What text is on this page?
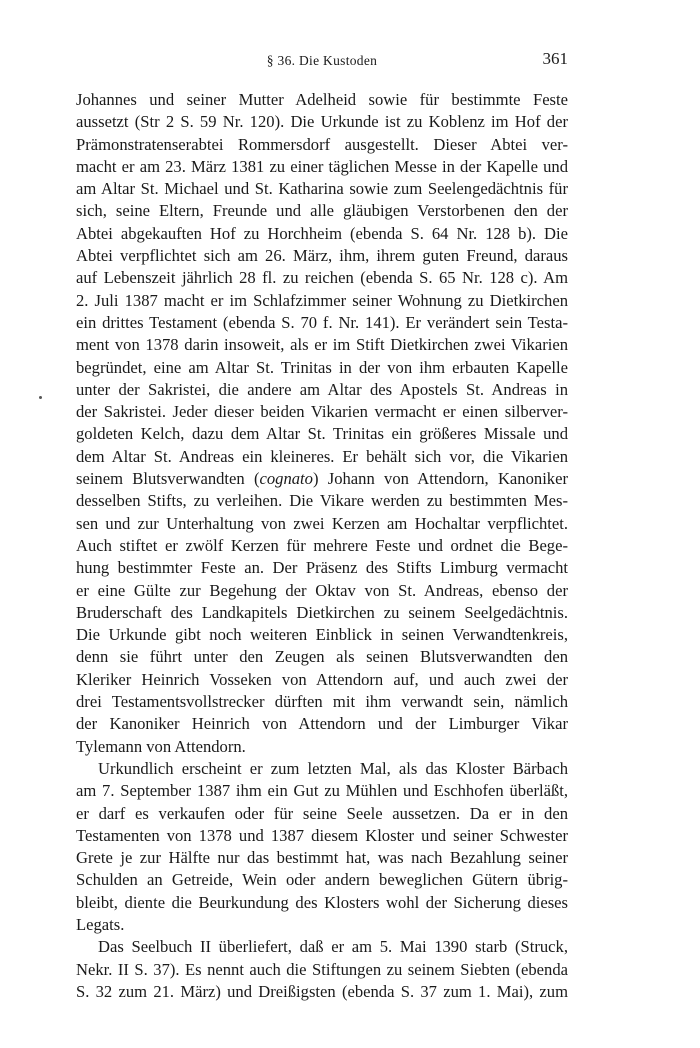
§ 36. Die Kustoden	361
Johannes und seiner Mutter Adelheid sowie für bestimmte Feste
aussetzt (Str 2 S. 59 Nr. 120). Die Urkunde ist zu Koblenz im Hof der
Prämonstratenserabtei Rommersdorf ausgestellt. Dieser Abtei ver-
macht er am 23. März 1381 zu einer täglichen Messe in der Kapelle und
am Altar St. Michael und St. Katharina sowie zum Seelengedächtnis für
sich, seine Eltern, Freunde und alle gläubigen Verstorbenen den der
Abtei abgekauften Hof zu Horchheim (ebenda S. 64 Nr. 128 b). Die
Abtei verpflichtet sich am 26. März, ihm, ihrem guten Freund, daraus
auf Lebenszeit jährlich 28 fl. zu reichen (ebenda S. 65 Nr. 128 c). Am
2. Juli 1387 macht er im Schlafzimmer seiner Wohnung zu Dietkirchen
ein drittes Testament (ebenda S. 70 f. Nr. 141). Er verändert sein Testa-
ment von 1378 darin insoweit, als er im Stift Dietkirchen zwei Vikarien
begründet, eine am Altar St. Trinitas in der von ihm erbauten Kapelle
unter der Sakristei, die andere am Altar des Apostels St. Andreas in
der Sakristei. Jeder dieser beiden Vikarien vermacht er einen silberver-
goldeten Kelch, dazu dem Altar St. Trinitas ein größeres Missale und
dem Altar St. Andreas ein kleineres. Er behält sich vor, die Vikarien
seinem Blutsverwandten (cognato) Johann von Attendorn, Kanoniker
desselben Stifts, zu verleihen. Die Vikare werden zu bestimmten Mes-
sen und zur Unterhaltung von zwei Kerzen am Hochaltar verpflichtet.
Auch stiftet er zwölf Kerzen für mehrere Feste und ordnet die Bege-
hung bestimmter Feste an. Der Präsenz des Stifts Limburg vermacht
er eine Gülte zur Begehung der Oktav von St. Andreas, ebenso der
Bruderschaft des Landkapitels Dietkirchen zu seinem Seelgedächtnis.
Die Urkunde gibt noch weiteren Einblick in seinen Verwandtenkreis,
denn sie führt unter den Zeugen als seinen Blutsverwandten den
Kleriker Heinrich Vosseken von Attendorn auf, und auch zwei der
drei Testamentsvollstrecker dürften mit ihm verwandt sein, nämlich
der Kanoniker Heinrich von Attendorn und der Limburger Vikar
Tylemann von Attendorn.
Urkundlich erscheint er zum letzten Mal, als das Kloster Bärbach
am 7. September 1387 ihm ein Gut zu Mühlen und Eschhofen überläßt,
er darf es verkaufen oder für seine Seele aussetzen. Da er in den
Testamenten von 1378 und 1387 diesem Kloster und seiner Schwester
Grete je zur Hälfte nur das bestimmt hat, was nach Bezahlung seiner
Schulden an Getreide, Wein oder andern beweglichen Gütern übrig-
bleibt, diente die Beurkundung des Klosters wohl der Sicherung dieses
Legats.
Das Seelbuch II überliefert, daß er am 5. Mai 1390 starb (Struck,
Nekr. II S. 37). Es nennt auch die Stiftungen zu seinem Siebten (ebenda
S. 32 zum 21. März) und Dreißigsten (ebenda S. 37 zum 1. Mai), zum
